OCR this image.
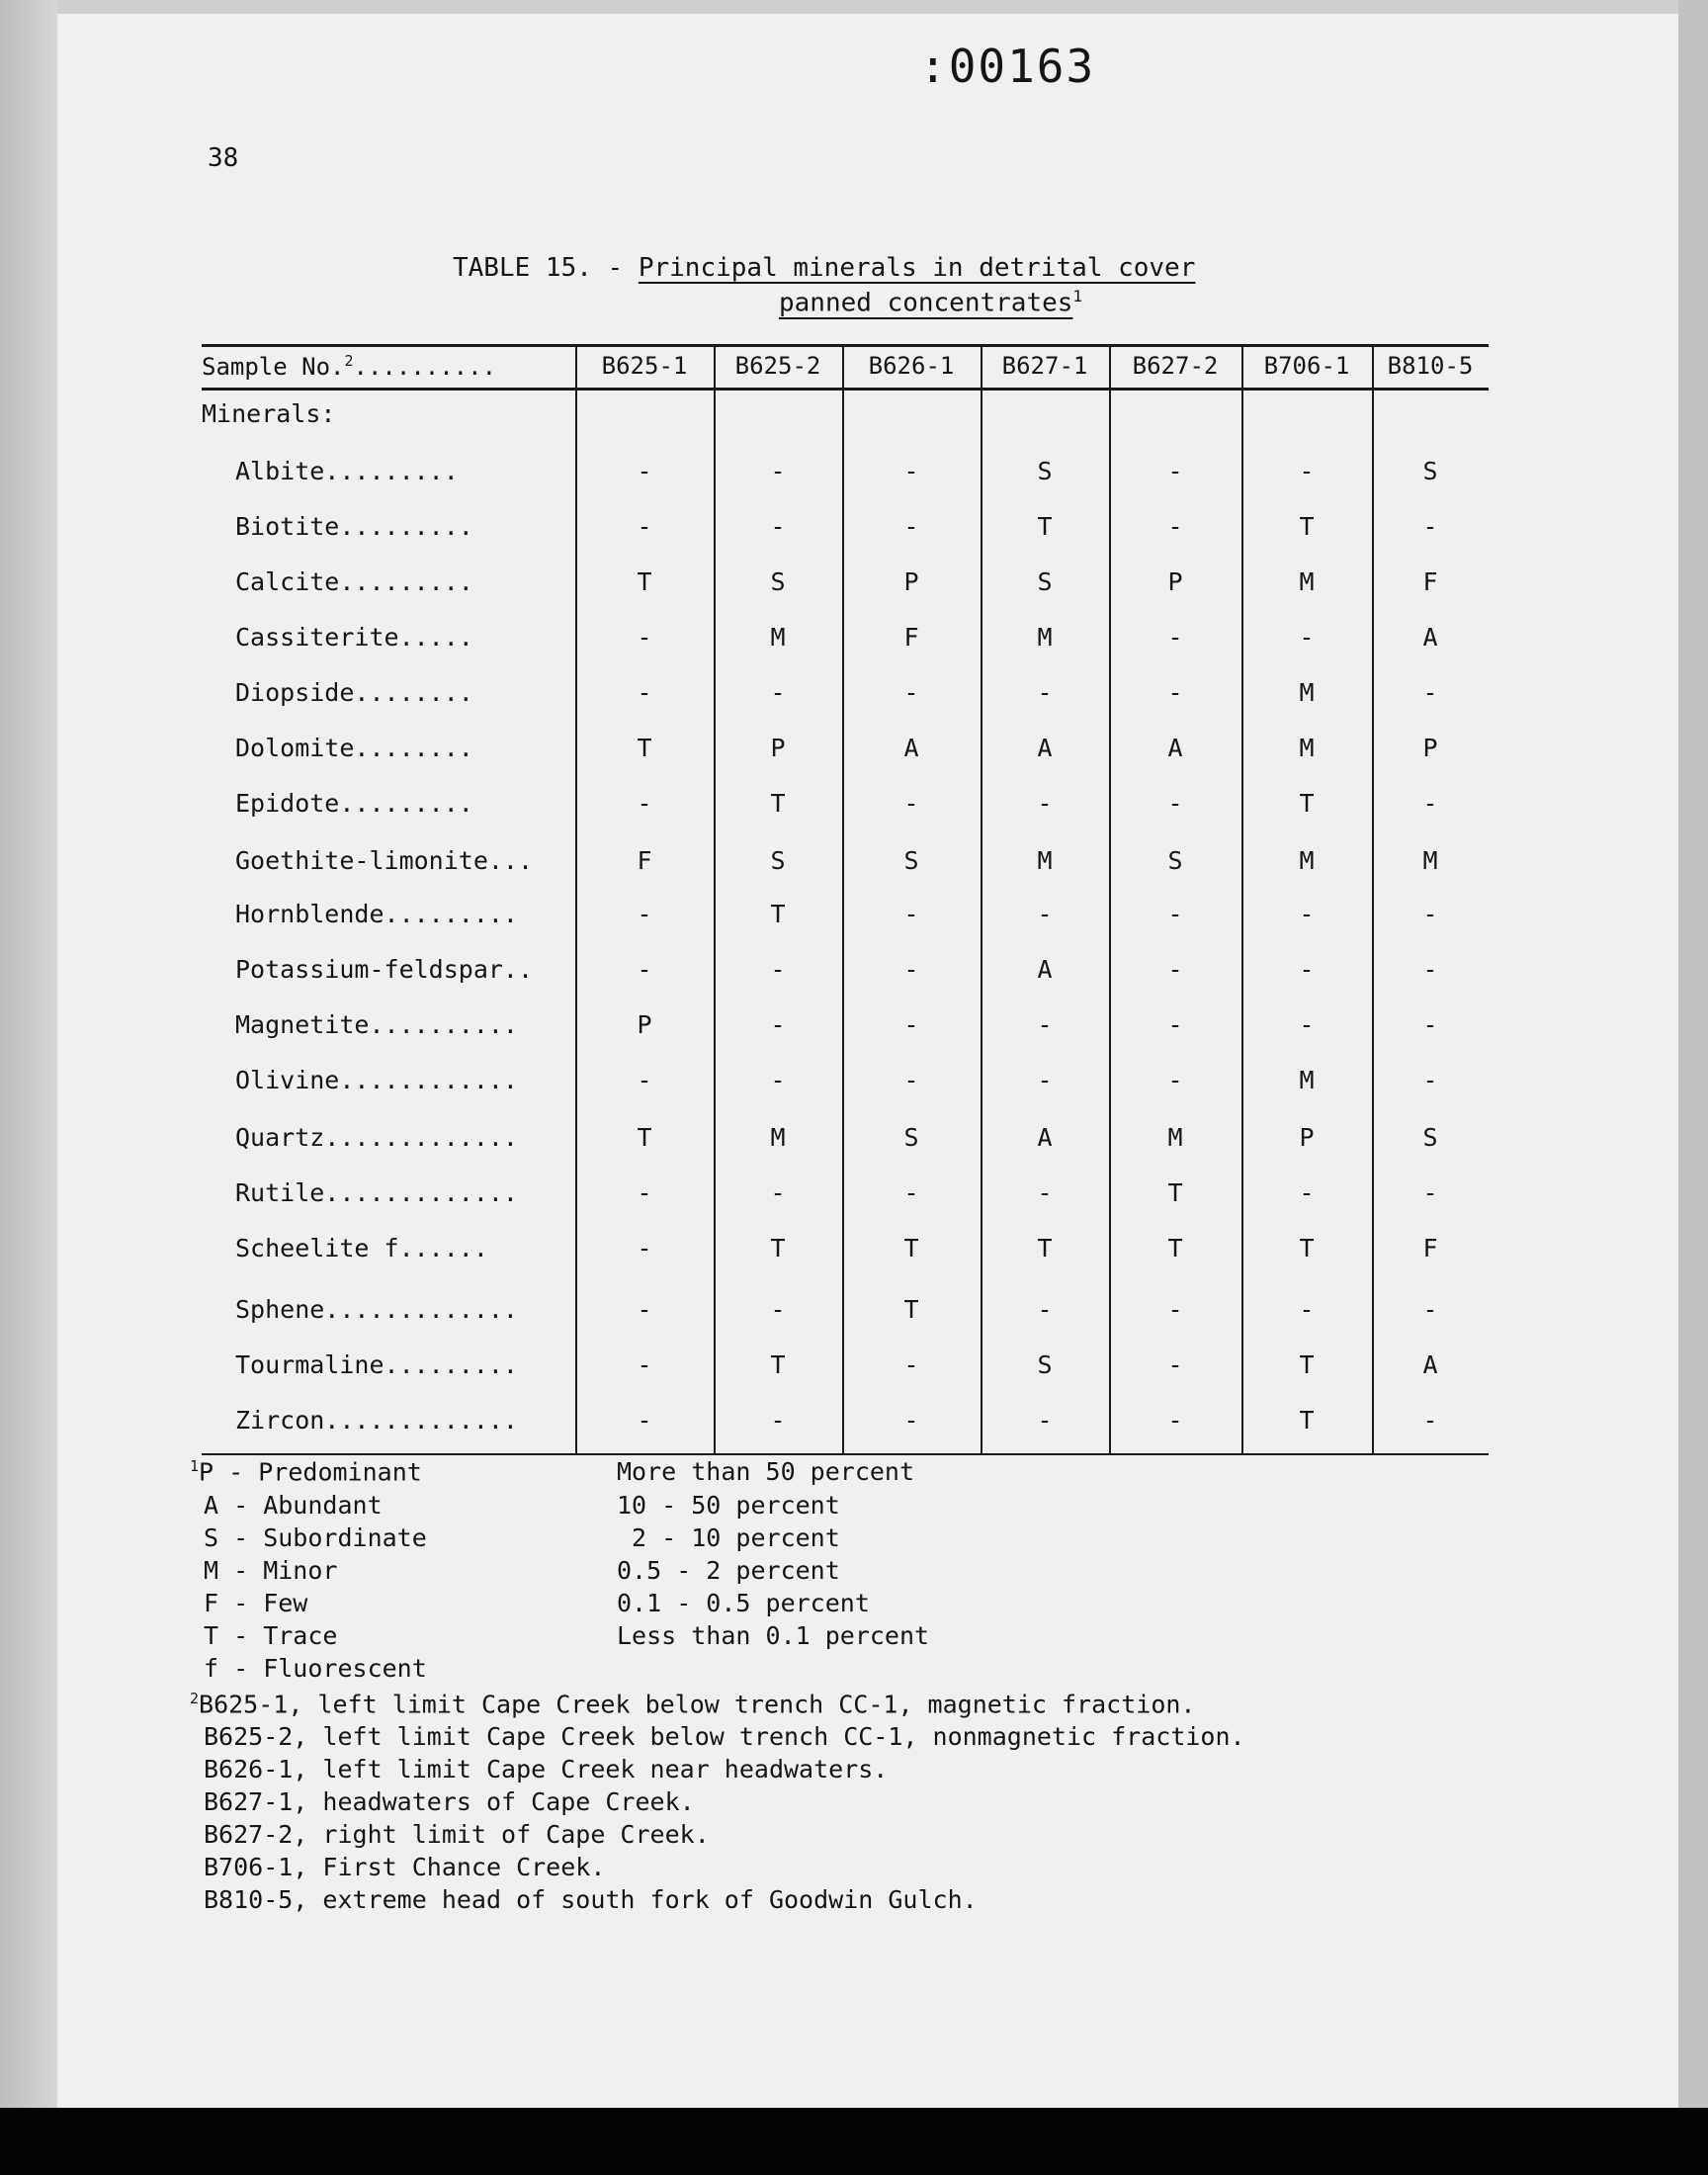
:00163
38
TABLE 15. - Principal minerals in detrital cover
panned concentrates$^1$
Sample No.$^2$..........	B625-1	B625-2	B626-1	B627-1	B627-2	B706-1	B810-5
Minerals:
Albite.........	-	-	-	S	-	-	S
Biotite.........	-	-	-	T	-	T	-
Calcite.........	T	S	P	S	P	M	F
Cassiterite.....	-	M	F	M	-	-	A
Diopside........	-	-	-	-	-	M	-
Dolomite........	T	P	A	A	A	M	P
Epidote.........	-	T	-	-	-	T	-
Goethite-limonite...	F	S	S	M	S	M	M
Hornblende.........	-	T	-	-	-	-	-
Potassium-feldspar..	-	-	-	A	-	-	-
Magnetite..........	P	-	-	-	-	-	-
Olivine............	-	-	-	-	-	M	-
Quartz.............	T	M	S	A	M	P	S
Rutile.............	-	-	-	-	T	-	-
Scheelite f......	-	T	T	T	T	T	F
Sphene.............	-	-	T	-	-	-	-
Tourmaline.........	-	T	-	S	-	T	A
Zircon.............	-	-	-	-	-	T	-
$^1$P - Predominant	More than 50 percent
A - Abundant	10 - 50 percent
S - Subordinate	2 - 10 percent
M - Minor	0.5 - 2 percent
F - Few	0.1 - 0.5 percent
T - Trace	Less than 0.1 percent
f - Fluorescent
$^2$B625-1, left limit Cape Creek below trench CC-1, magnetic fraction.
B625-2, left limit Cape Creek below trench CC-1, nonmagnetic fraction.
B626-1, left limit Cape Creek near headwaters.
B627-1, headwaters of Cape Creek.
B627-2, right limit of Cape Creek.
B706-1, First Chance Creek.
B810-5, extreme head of south fork of Goodwin Gulch.
